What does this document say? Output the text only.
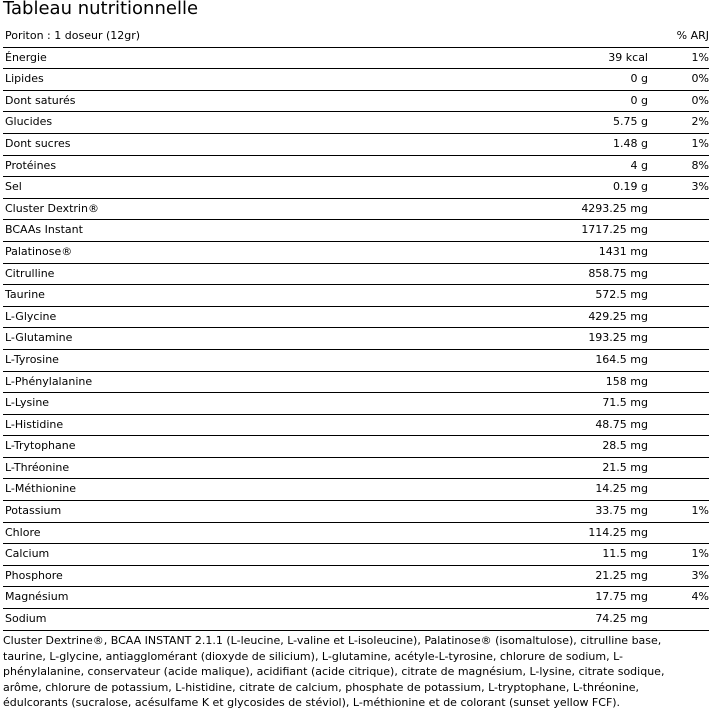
Tableau nutritionnelle
Poriton : 1 doseur (12gr)	% ARJ
Énergie	39 kcal	1%
Lipides	0 g	0%
Dont saturés	0 g	0%
Glucides	5.75 g	2%
Dont sucres	1.48 g	1%
Protéines	4 g	8%
Sel	0.19 g	3%
Cluster Dextrin®	4293.25 mg
BCAAs Instant	1717.25 mg
Palatinose®	1431 mg
Citrulline	858.75 mg
Taurine	572.5 mg
L-Glycine	429.25 mg
L-Glutamine	193.25 mg
L-Tyrosine	164.5 mg
L-Phénylalanine	158 mg
L-Lysine	71.5 mg
L-Histidine	48.75 mg
L-Trytophane	28.5 mg
L-Thréonine	21.5 mg
L-Méthionine	14.25 mg
Potassium	33.75 mg	1%
Chlore	114.25 mg
Calcium	11.5 mg	1%
Phosphore	21.25 mg	3%
Magnésium	17.75 mg	4%
Sodium	74.25 mg

Cluster Dextrine®, BCAA INSTANT 2.1.1 (L-leucine, L-valine et L-isoleucine), Palatinose® (isomaltulose), citrulline base, taurine, L-glycine, antiagglomérant (dioxyde de silicium), L-glutamine, acétyle-L-tyrosine, chlorure de sodium, L-phénylalanine, conservateur (acide malique), acidifiant (acide citrique), citrate de magnésium, L-lysine, citrate sodique, arôme, chlorure de potassium, L-histidine, citrate de calcium, phosphate de potassium, L-tryptophane, L-thréonine, édulcorants (sucralose, acésulfame K et glycosides de stéviol), L-méthionine et de colorant (sunset yellow FCF).
